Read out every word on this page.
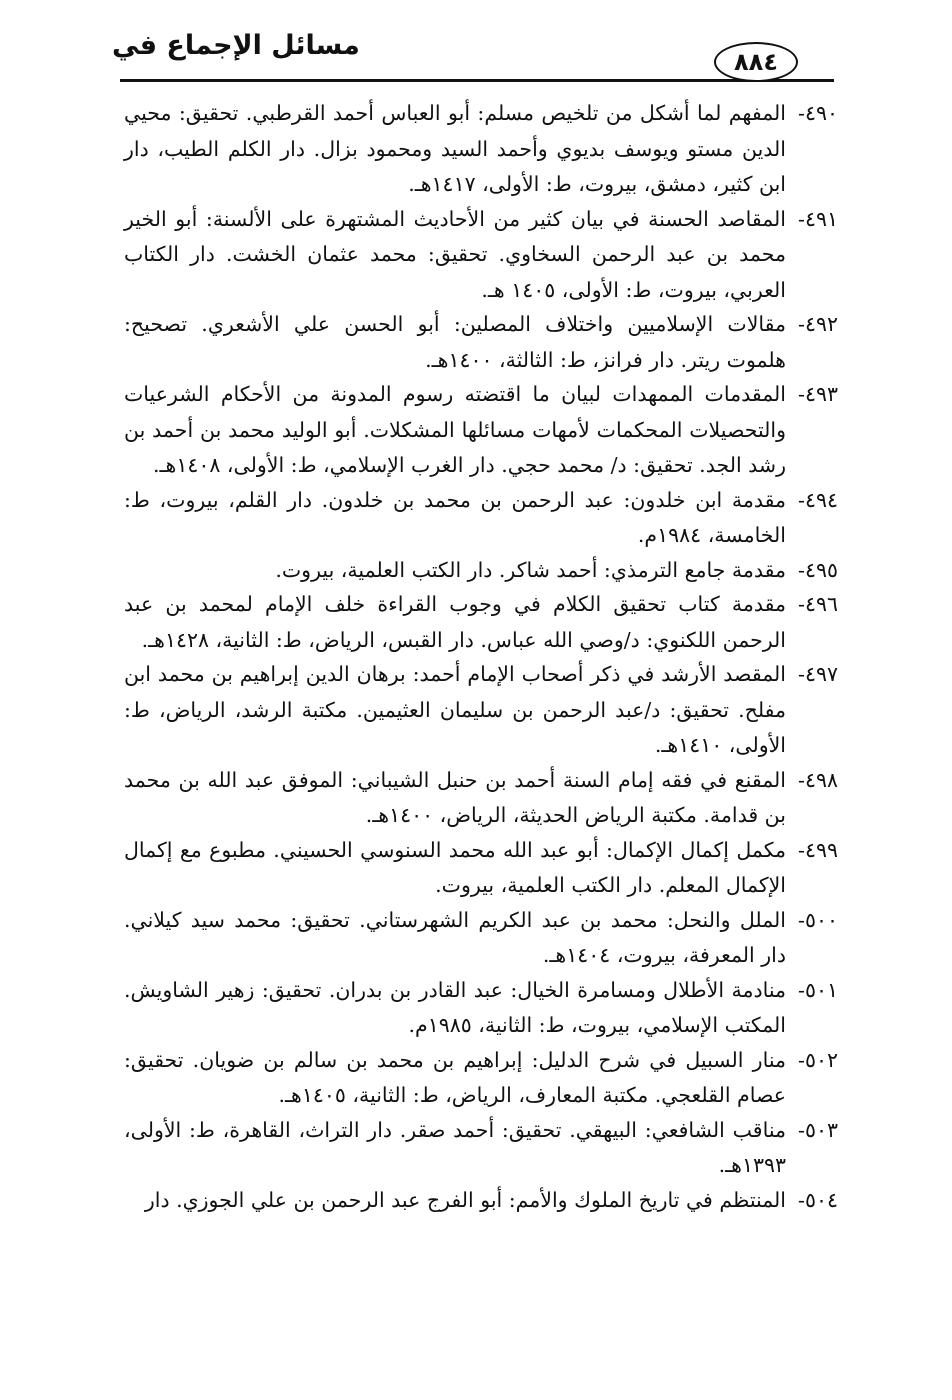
٨٨٤
مسائل الإجماع في
٤٩٠-
المفهم لما أشكل من تلخيص مسلم: أبو العباس أحمد القرطبي. تحقيق: محيي الدين مستو ويوسف بديوي وأحمد السيد ومحمود بزال. دار الكلم الطيب، دار ابن كثير، دمشق، بيروت، ط: الأولى، ١٤١٧هـ.
٤٩١-
المقاصد الحسنة في بيان كثير من الأحاديث المشتهرة على الألسنة: أبو الخير محمد بن عبد الرحمن السخاوي. تحقيق: محمد عثمان الخشت. دار الكتاب العربي، بيروت، ط: الأولى، ١٤٠٥ هـ.
٤٩٢-
مقالات الإسلاميين واختلاف المصلين: أبو الحسن علي الأشعري. تصحيح: هلموت ريتر. دار فرانز، ط: الثالثة، ١٤٠٠هـ.
٤٩٣-
المقدمات الممهدات لبيان ما اقتضته رسوم المدونة من الأحكام الشرعيات والتحصيلات المحكمات لأمهات مسائلها المشكلات. أبو الوليد محمد بن أحمد بن رشد الجد. تحقيق: د/ محمد حجي. دار الغرب الإسلامي، ط: الأولى، ١٤٠٨هـ.
٤٩٤-
مقدمة ابن خلدون: عبد الرحمن بن محمد بن خلدون. دار القلم، بيروت، ط: الخامسة، ١٩٨٤م.
٤٩٥-
مقدمة جامع الترمذي: أحمد شاكر. دار الكتب العلمية، بيروت.
٤٩٦-
مقدمة كتاب تحقيق الكلام في وجوب القراءة خلف الإمام لمحمد بن عبد الرحمن اللكنوي: د/وصي الله عباس. دار القبس، الرياض، ط: الثانية، ١٤٢٨هـ.
٤٩٧-
المقصد الأرشد في ذكر أصحاب الإمام أحمد: برهان الدين إبراهيم بن محمد ابن مفلح. تحقيق: د/عبد الرحمن بن سليمان العثيمين. مكتبة الرشد، الرياض، ط: الأولى، ١٤١٠هـ.
٤٩٨-
المقنع في فقه إمام السنة أحمد بن حنبل الشيباني: الموفق عبد الله بن محمد بن قدامة. مكتبة الرياض الحديثة، الرياض، ١٤٠٠هـ.
٤٩٩-
مكمل إكمال الإكمال: أبو عبد الله محمد السنوسي الحسيني. مطبوع مع إكمال الإكمال المعلم. دار الكتب العلمية، بيروت.
٥٠٠-
الملل والنحل: محمد بن عبد الكريم الشهرستاني. تحقيق: محمد سيد كيلاني. دار المعرفة، بيروت، ١٤٠٤هـ.
٥٠١-
منادمة الأطلال ومسامرة الخيال: عبد القادر بن بدران. تحقيق: زهير الشاويش. المكتب الإسلامي، بيروت، ط: الثانية، ١٩٨٥م.
٥٠٢-
منار السبيل في شرح الدليل: إبراهيم بن محمد بن سالم بن ضويان. تحقيق: عصام القلعجي. مكتبة المعارف، الرياض، ط: الثانية، ١٤٠٥هـ.
٥٠٣-
مناقب الشافعي: البيهقي. تحقيق: أحمد صقر. دار التراث، القاهرة، ط: الأولى، ١٣٩٣هـ.
٥٠٤-
المنتظم في تاريخ الملوك والأمم: أبو الفرج عبد الرحمن بن علي الجوزي. دار
